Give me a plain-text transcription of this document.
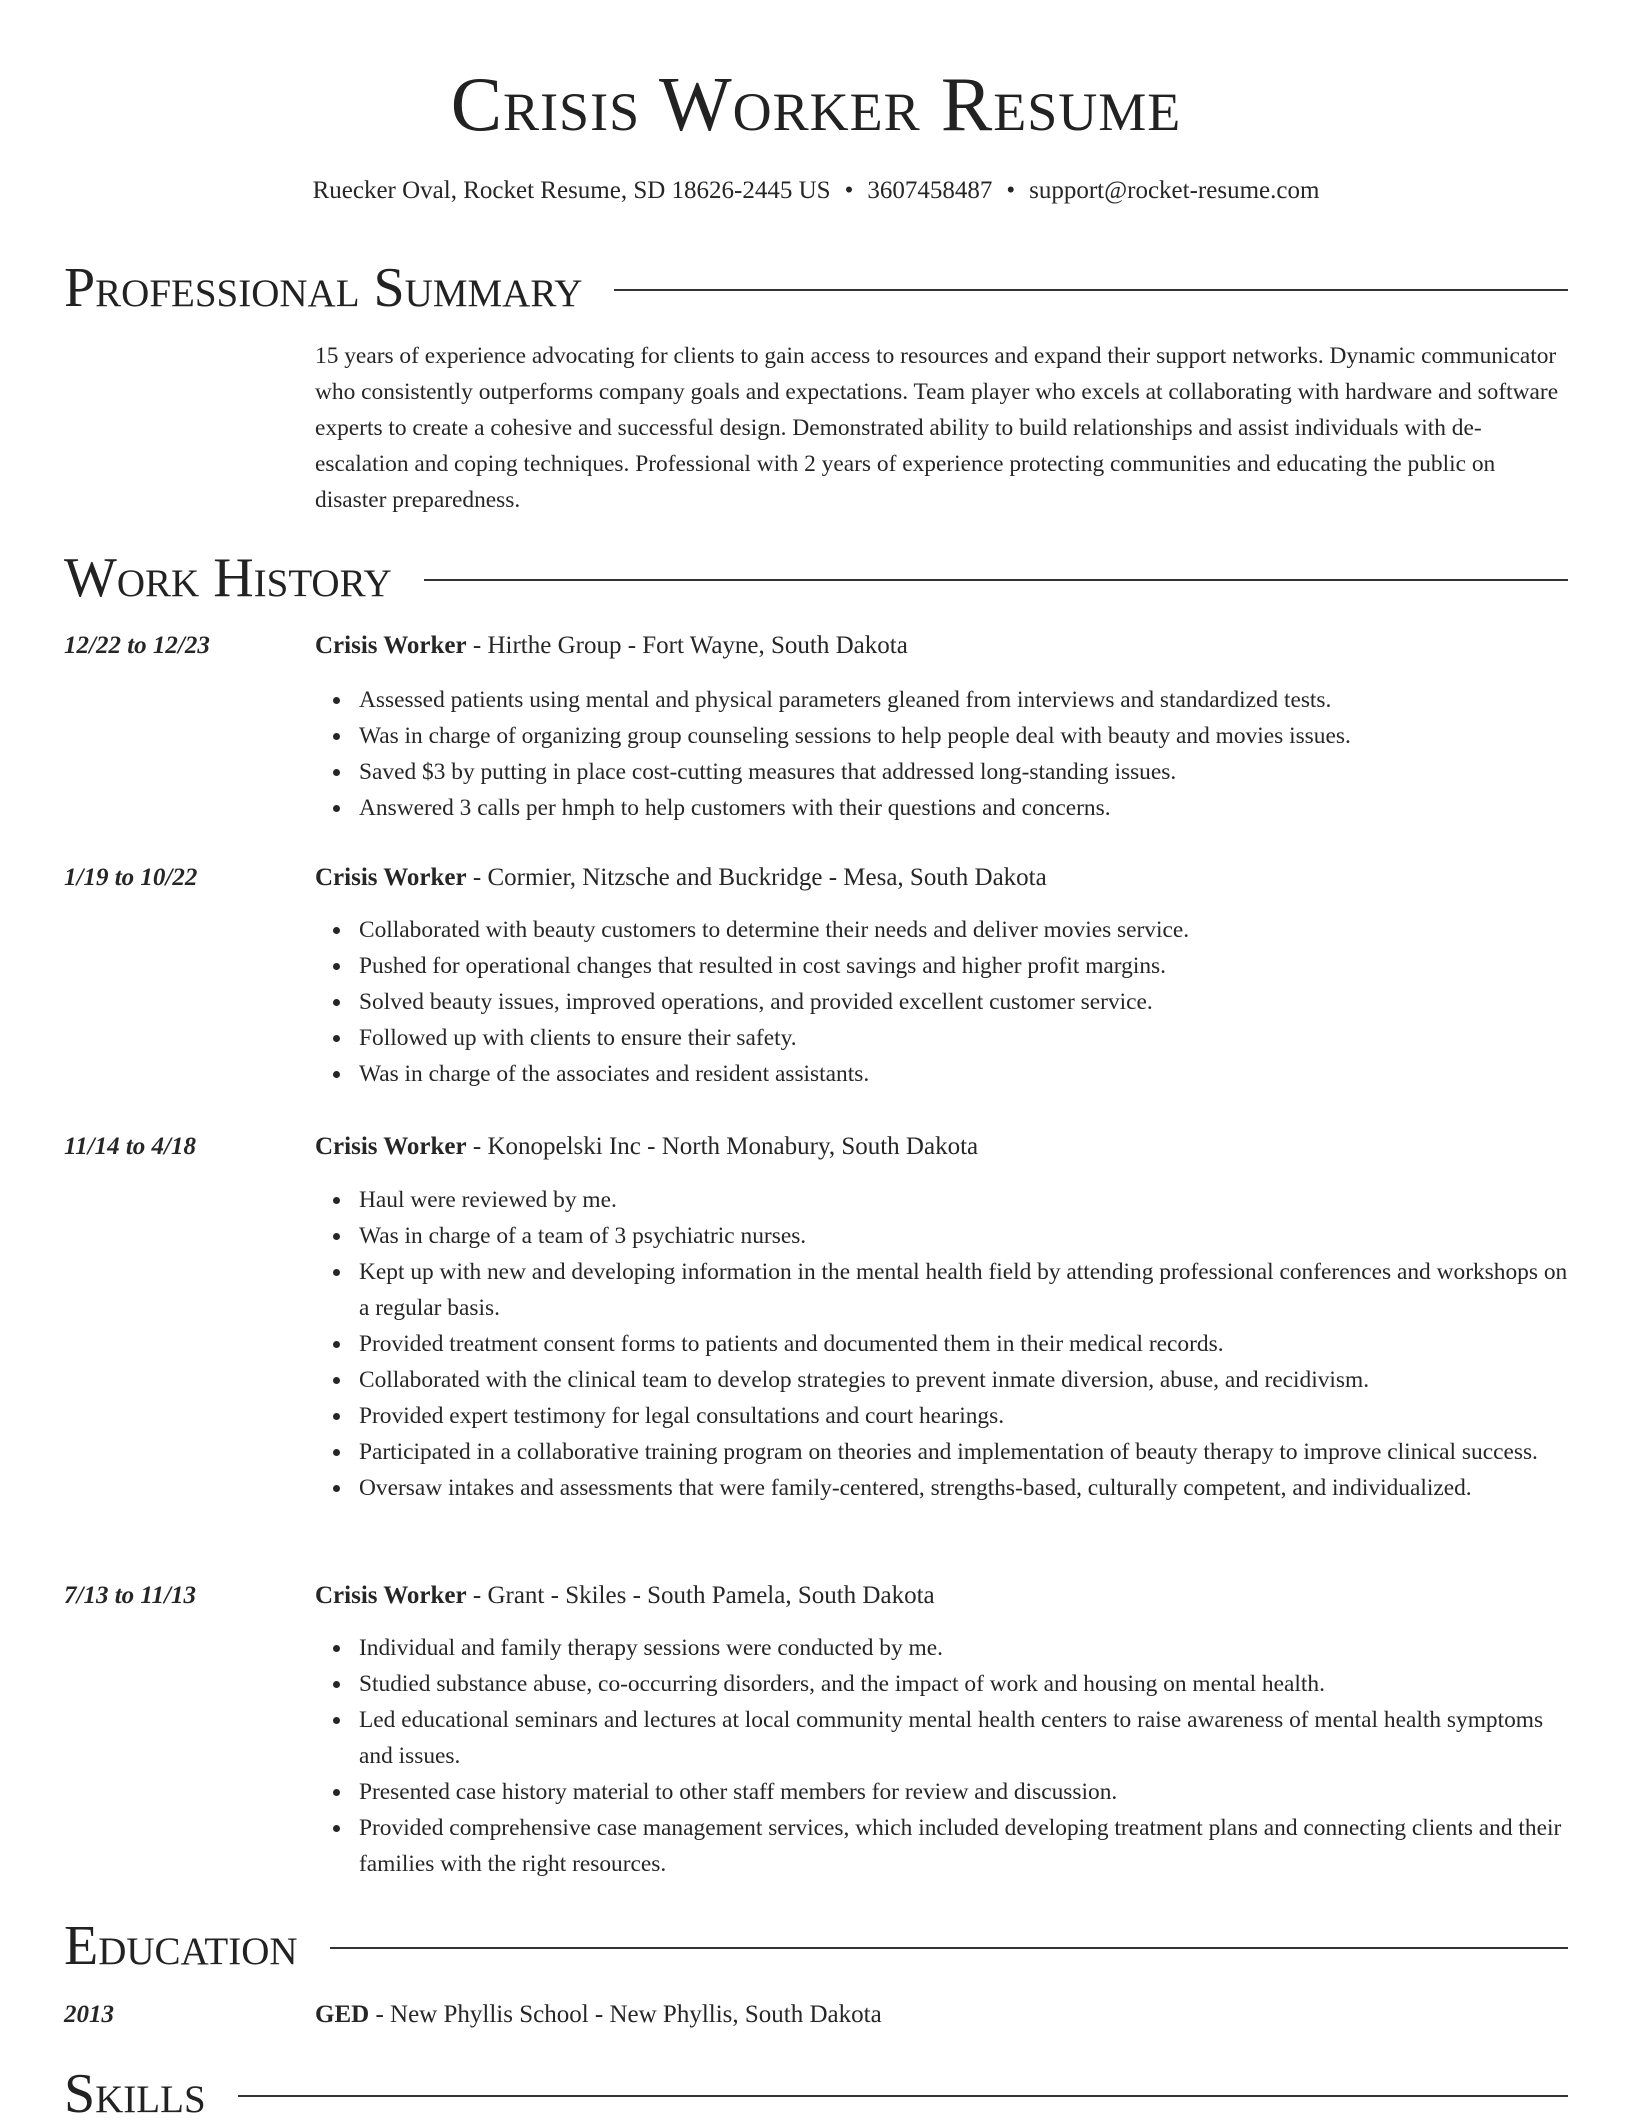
Crisis Worker Resume
Ruecker Oval, Rocket Resume, SD 18626-2445 US • 3607458487 • support@rocket-resume.com
Professional Summary

15 years of experience advocating for clients to gain access to resources and expand their support networks. Dynamic communicator who consistently outperforms company goals and expectations. Team player who excels at collaborating with hardware and software experts to create a cohesive and successful design. Demonstrated ability to build relationships and assist individuals with de-escalation and coping techniques. Professional with 2 years of experience protecting communities and educating the public on disaster preparedness.

Work History
12/22 to 12/23	Crisis Worker - Hirthe Group - Fort Wayne, South Dakota
Assessed patients using mental and physical parameters gleaned from interviews and standardized tests.
Was in charge of organizing group counseling sessions to help people deal with beauty and movies issues.
Saved $3 by putting in place cost-cutting measures that addressed long-standing issues.
Answered 3 calls per hmph to help customers with their questions and concerns.
1/19 to 10/22	Crisis Worker - Cormier, Nitzsche and Buckridge - Mesa, South Dakota
Collaborated with beauty customers to determine their needs and deliver movies service.
Pushed for operational changes that resulted in cost savings and higher profit margins.
Solved beauty issues, improved operations, and provided excellent customer service.
Followed up with clients to ensure their safety.
Was in charge of the associates and resident assistants.
11/14 to 4/18	Crisis Worker - Konopelski Inc - North Monabury, South Dakota
Haul were reviewed by me.
Was in charge of a team of 3 psychiatric nurses.
Kept up with new and developing information in the mental health field by attending professional conferences and workshops on a regular basis.
Provided treatment consent forms to patients and documented them in their medical records.
Collaborated with the clinical team to develop strategies to prevent inmate diversion, abuse, and recidivism.
Provided expert testimony for legal consultations and court hearings.
Participated in a collaborative training program on theories and implementation of beauty therapy to improve clinical success.
Oversaw intakes and assessments that were family-centered, strengths-based, culturally competent, and individualized.
7/13 to 11/13	Crisis Worker - Grant - Skiles - South Pamela, South Dakota
Individual and family therapy sessions were conducted by me.
Studied substance abuse, co-occurring disorders, and the impact of work and housing on mental health.
Led educational seminars and lectures at local community mental health centers to raise awareness of mental health symptoms and issues.
Presented case history material to other staff members for review and discussion.
Provided comprehensive case management services, which included developing treatment plans and connecting clients and their families with the right resources.
Education
2013	GED - New Phyllis School - New Phyllis, South Dakota
Skills
